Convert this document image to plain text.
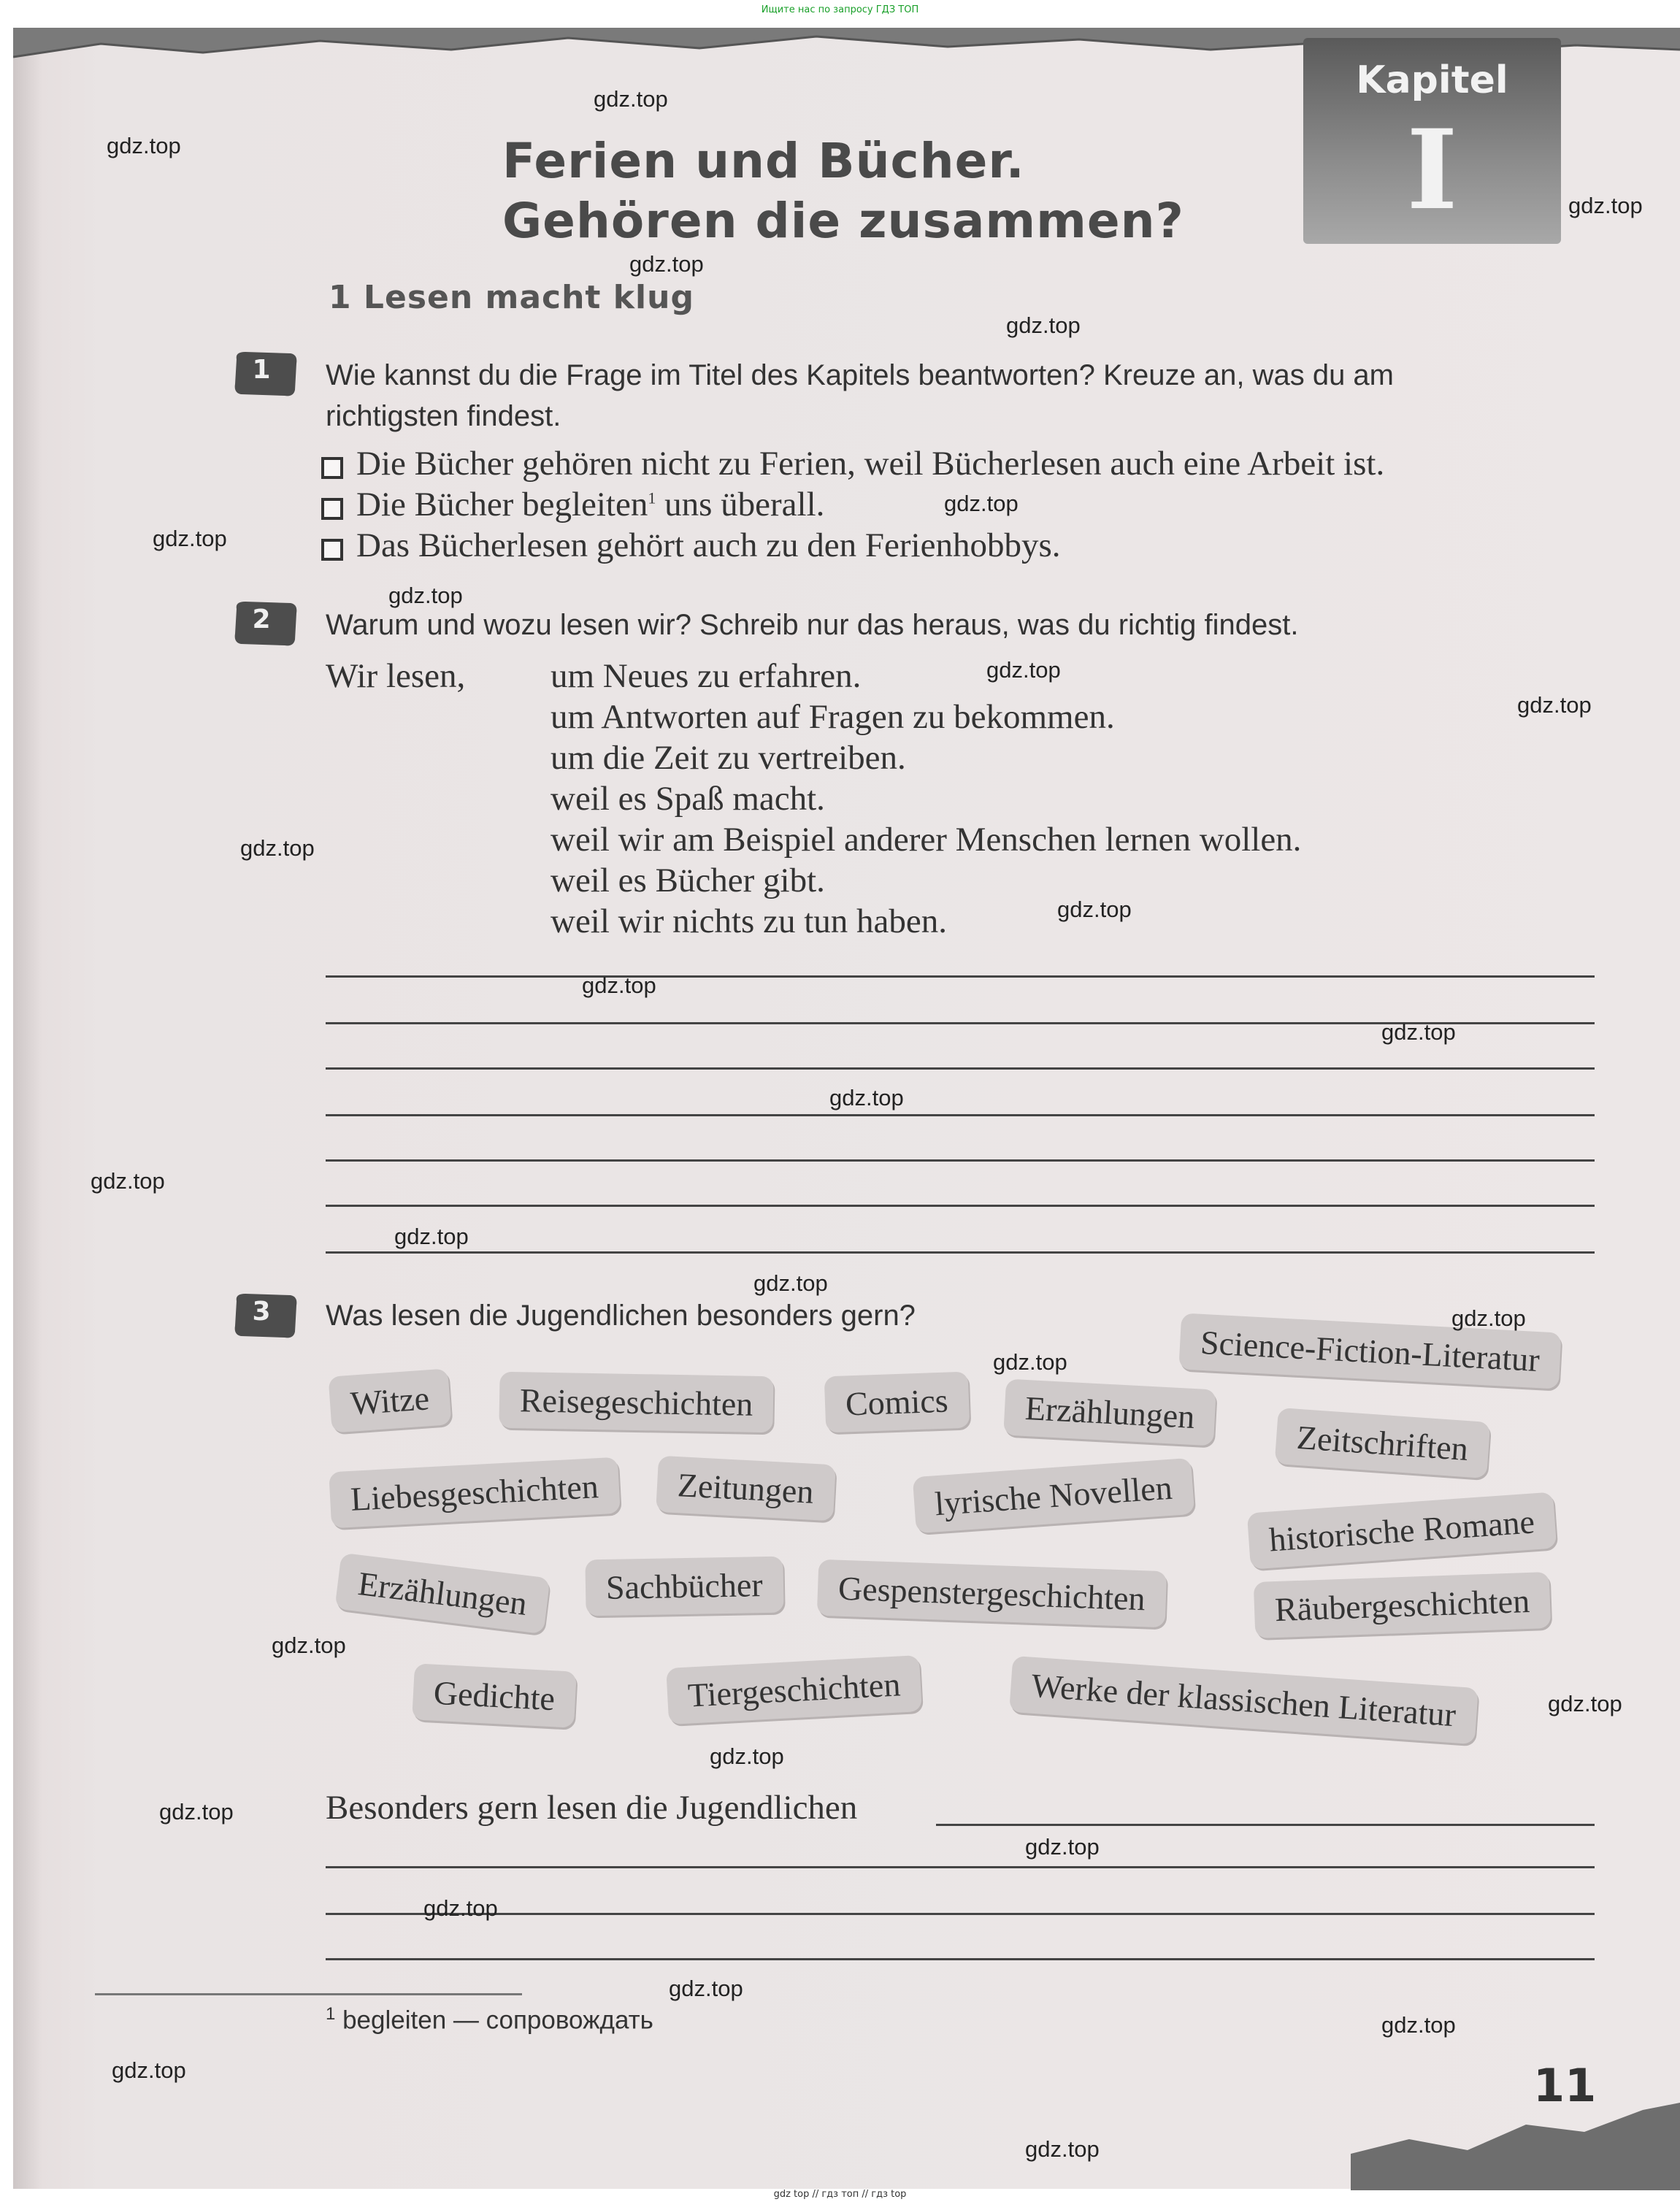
Ищите нас по запросу ГДЗ ТОП
Kapitel
I
Ferien und Bücher.
Gehören die zusammen?
1 Lesen macht klug
1	Wie kannst du die Frage im Titel des Kapitels beantworten? Kreuze an, was du am
richtigsten findest.
Die Bücher gehören nicht zu Ferien, weil Bücherlesen auch eine Arbeit ist.
Die Bücher begleiten$^1$ uns überall.
Das Bücherlesen gehört auch zu den Ferienhobbys.
2	Warum und wozu lesen wir? Schreib nur das heraus, was du richtig findest.
Wir lesen, um Neues zu erfahren.
um Antworten auf Fragen zu bekommen.
um die Zeit zu vertreiben.
weil es Spaß macht.
weil wir am Beispiel anderer Menschen lernen wollen.
weil es Bücher gibt.
weil wir nichts zu tun haben.
3	Was lesen die Jugendlichen besonders gern?
Witze	Reisegeschichten	Comics	Erzählungen
Science-Fiction-Literatur
Zeitschriften
Liebesgeschichten	Zeitungen	lyrische Novellen
historische Romane
Erzählungen	Sachbücher	Gespenstergeschichten	Räubergeschichten
Gedichte	Tiergeschichten	Werke der klassischen Literatur
Besonders gern lesen die Jugendlichen
$^1$ begleiten — сопровождать
11
gdz.top
gdz.top
gdz.top
gdz.top
gdz.top
gdz.top
gdz.top
gdz.top
gdz.top
gdz.top
gdz.top
gdz.top
gdz.top
gdz.top
gdz.top
gdz.top
gdz.top
gdz.top
gdz.top
gdz.top
gdz.top
gdz.top
gdz.top
gdz.top
gdz.top
gdz.top
gdz.top
gdz.top
gdz.top
gdz.top
gdz top // гдз топ // гдз top
